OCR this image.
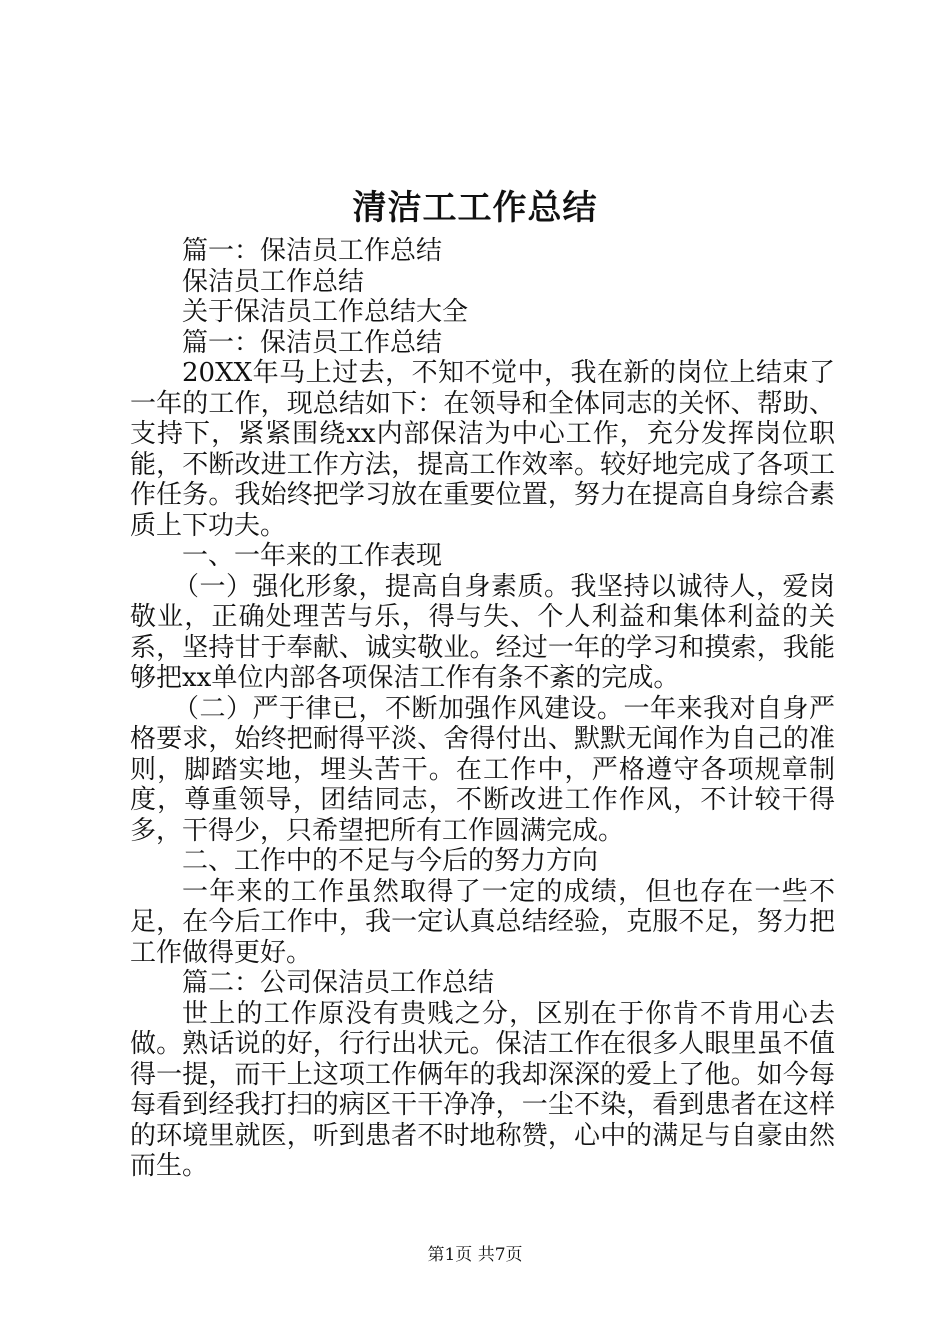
清洁工工作总结

篇一：保洁员工作总结

保洁员工作总结

关于保洁员工作总结大全

篇一：保洁员工作总结

20XX年马上过去，不知不觉中，我在新的岗位上结束了一年的工作，现总结如下：在领导和全体同志的关怀、帮助、支持下，紧紧围绕xx内部保洁为中心工作，充分发挥岗位职能，不断改进工作方法，提高工作效率。较好地完成了各项工作任务。我始终把学习放在重要位置，努力在提高自身综合素质上下功夫。

一、一年来的工作表现

（一）强化形象，提高自身素质。我坚持以诚待人，爱岗敬业，正确处理苦与乐，得与失、个人利益和集体利益的关系，坚持甘于奉献、诚实敬业。经过一年的学习和摸索，我能够把xx单位内部各项保洁工作有条不紊的完成。

（二）严于律已，不断加强作风建设。一年来我对自身严格要求，始终把耐得平淡、舍得付出、默默无闻作为自己的准则，脚踏实地，埋头苦干。在工作中，严格遵守各项规章制度，尊重领导，团结同志，不断改进工作作风，不计较干得多，干得少，只希望把所有工作圆满完成。

二、工作中的不足与今后的努力方向

一年来的工作虽然取得了一定的成绩，但也存在一些不足，在今后工作中，我一定认真总结经验，克服不足，努力把工作做得更好。

篇二：公司保洁员工作总结

世上的工作原没有贵贱之分，区别在于你肯不肯用心去做。熟话说的好，行行出状元。保洁工作在很多人眼里虽不值得一提，而干上这项工作俩年的我却深深的爱上了他。如今每每看到经我打扫的病区干干净净，一尘不染，看到患者在这样的环境里就医，听到患者不时地称赞，心中的满足与自豪由然而生。

第1页 共7页
